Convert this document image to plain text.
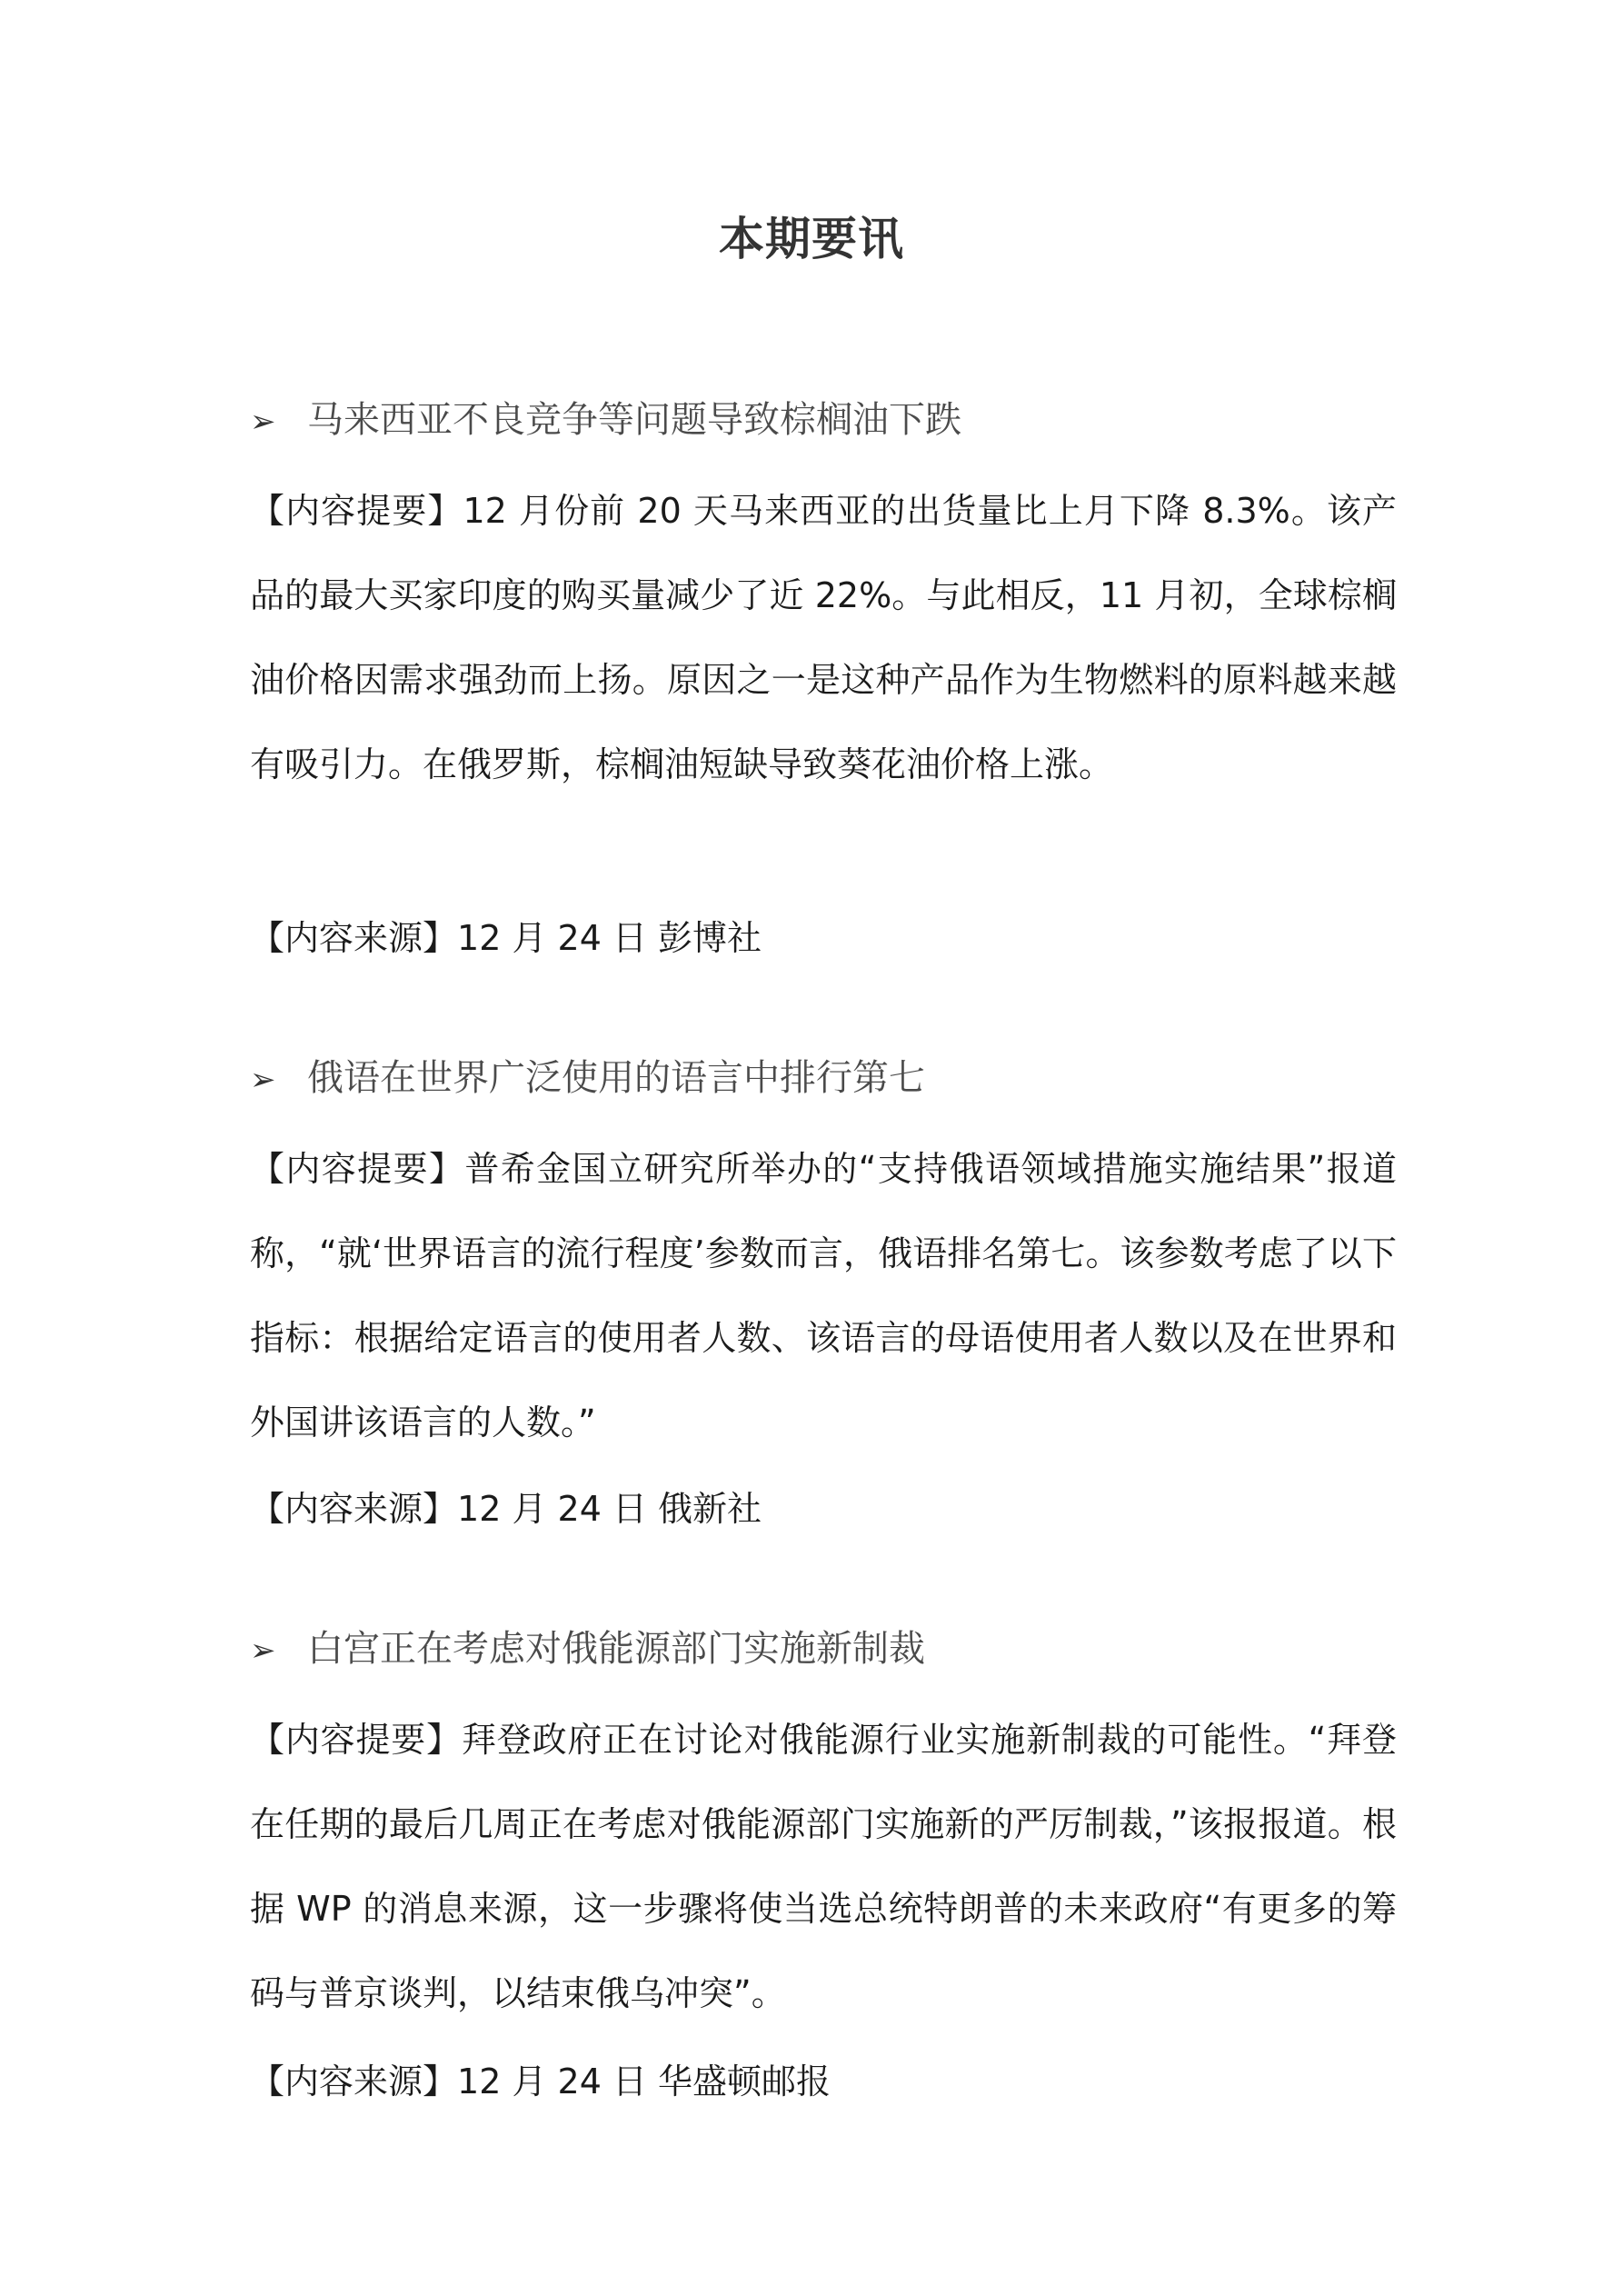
本期要讯
➢ 马来西亚不良竞争等问题导致棕榈油下跌

【内容提要】12 月份前 20 天马来西亚的出货量比上月下降 8.3%。该产品的最大买家印度的购买量减少了近 22%。与此相反，11 月初，全球棕榈油价格因需求强劲而上扬。原因之一是这种产品作为生物燃料的原料越来越有吸引力。在俄罗斯，棕榈油短缺导致葵花油价格上涨。

【内容来源】12 月 24 日 彭博社
➢ 俄语在世界广泛使用的语言中排行第七

【内容提要】普希金国立研究所举办的“支持俄语领域措施实施结果”报道称，“就‘世界语言的流行程度’参数而言，俄语排名第七。该参数考虑了以下指标：根据给定语言的使用者人数、该语言的母语使用者人数以及在世界和外国讲该语言的人数。”

【内容来源】12 月 24 日 俄新社
➢ 白宫正在考虑对俄能源部门实施新制裁

【内容提要】拜登政府正在讨论对俄能源行业实施新制裁的可能性。“拜登在任期的最后几周正在考虑对俄能源部门实施新的严厉制裁，”该报报道。根据 WP 的消息来源，这一步骤将使当选总统特朗普的未来政府“有更多的筹码与普京谈判，以结束俄乌冲突”。

【内容来源】12 月 24 日 华盛顿邮报
